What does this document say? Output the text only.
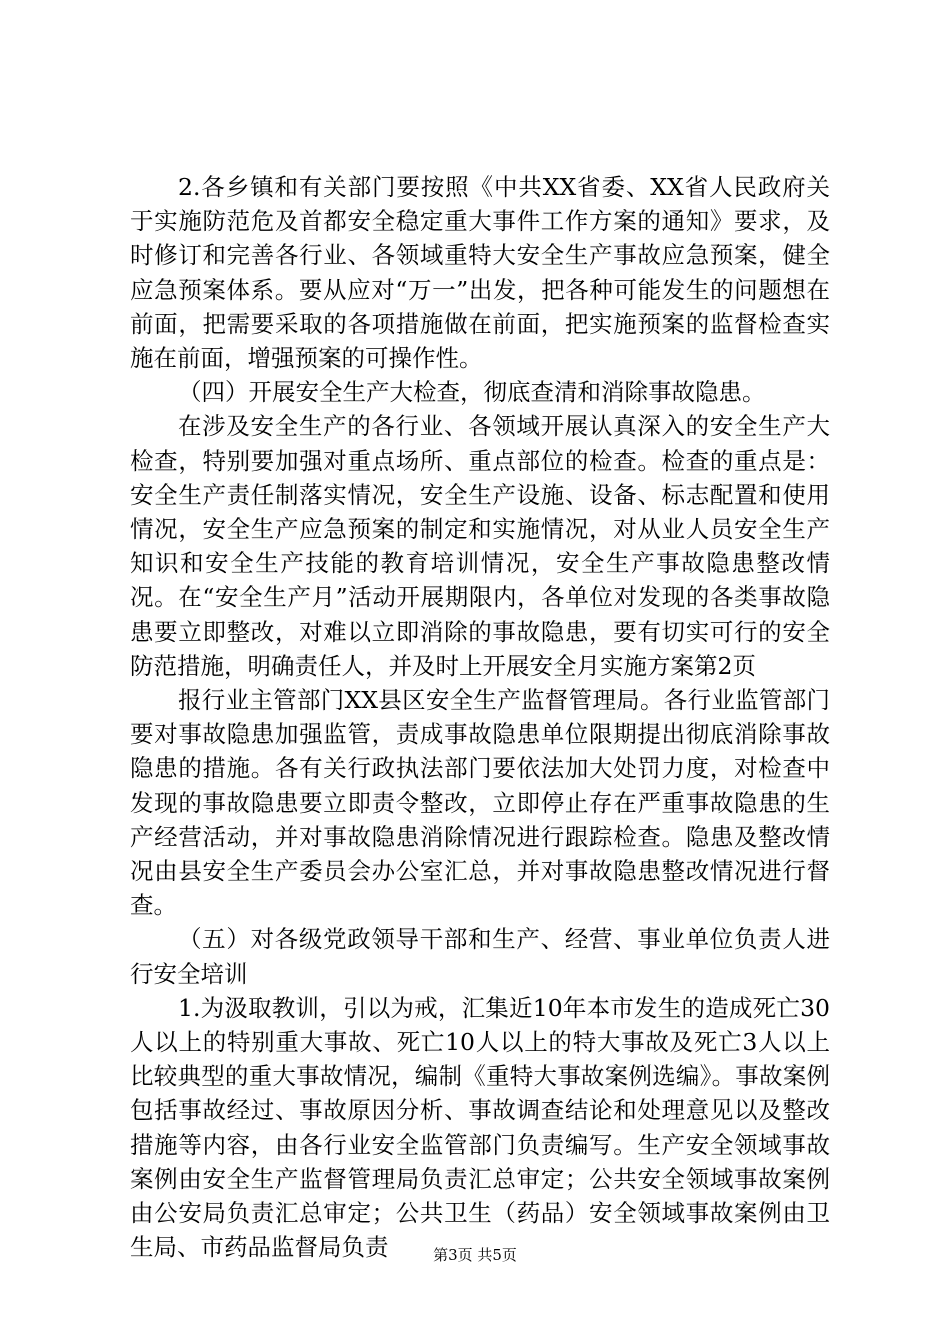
2.各乡镇和有关部门要按照《中共XX省委、XX省人民政府关于实施防范危及首都安全稳定重大事件工作方案的通知》要求，及时修订和完善各行业、各领域重特大安全生产事故应急预案，健全应急预案体系。要从应对“万一”出发，把各种可能发生的问题想在前面，把需要采取的各项措施做在前面，把实施预案的监督检查实施在前面，增强预案的可操作性。

（四）开展安全生产大检查，彻底查清和消除事故隐患。

在涉及安全生产的各行业、各领域开展认真深入的安全生产大检查，特别要加强对重点场所、重点部位的检查。检查的重点是：安全生产责任制落实情况，安全生产设施、设备、标志配置和使用情况，安全生产应急预案的制定和实施情况，对从业人员安全生产知识和安全生产技能的教育培训情况，安全生产事故隐患整改情况。在“安全生产月”活动开展期限内，各单位对发现的各类事故隐患要立即整改，对难以立即消除的事故隐患，要有切实可行的安全防范措施，明确责任人，并及时上开展安全月实施方案第2页

报行业主管部门XX县区安全生产监督管理局。各行业监管部门要对事故隐患加强监管，责成事故隐患单位限期提出彻底消除事故隐患的措施。各有关行政执法部门要依法加大处罚力度，对检查中发现的事故隐患要立即责令整改，立即停止存在严重事故隐患的生产经营活动，并对事故隐患消除情况进行跟踪检查。隐患及整改情况由县安全生产委员会办公室汇总，并对事故隐患整改情况进行督查。

（五）对各级党政领导干部和生产、经营、事业单位负责人进行安全培训

1.为汲取教训，引以为戒，汇集近10年本市发生的造成死亡30人以上的特别重大事故、死亡10人以上的特大事故及死亡3人以上比较典型的重大事故情况，编制《重特大事故案例选编》。事故案例包括事故经过、事故原因分析、事故调查结论和处理意见以及整改措施等内容，由各行业安全监管部门负责编写。生产安全领域事故案例由安全生产监督管理局负责汇总审定；公共安全领域事故案例由公安局负责汇总审定；公共卫生（药品）安全领域事故案例由卫生局、市药品监督局负责	第3页 共5页
